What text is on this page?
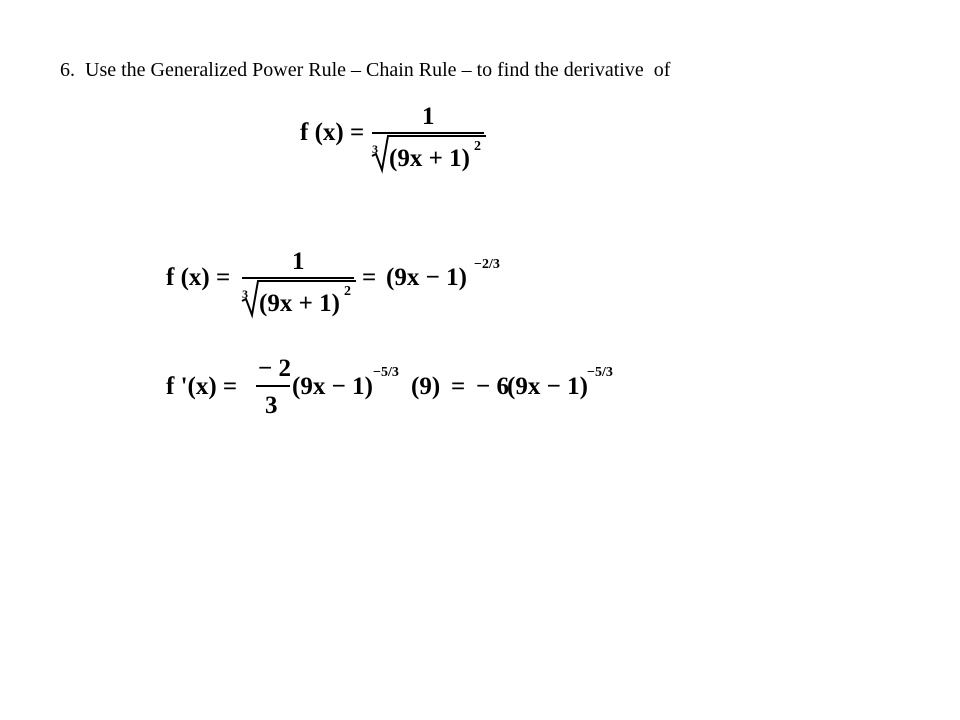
6.  Use the Generalized Power Rule – Chain Rule – to find the derivative  of
f (x) =
1
3 (9x + 1) 2
f (x) =
1
3 (9x + 1) 2
= (9x − 1) −2/3
f '(x) =
− 2
3
(9x − 1)
−5/3
(9) = − 6
(9x − 1)
−5/3
